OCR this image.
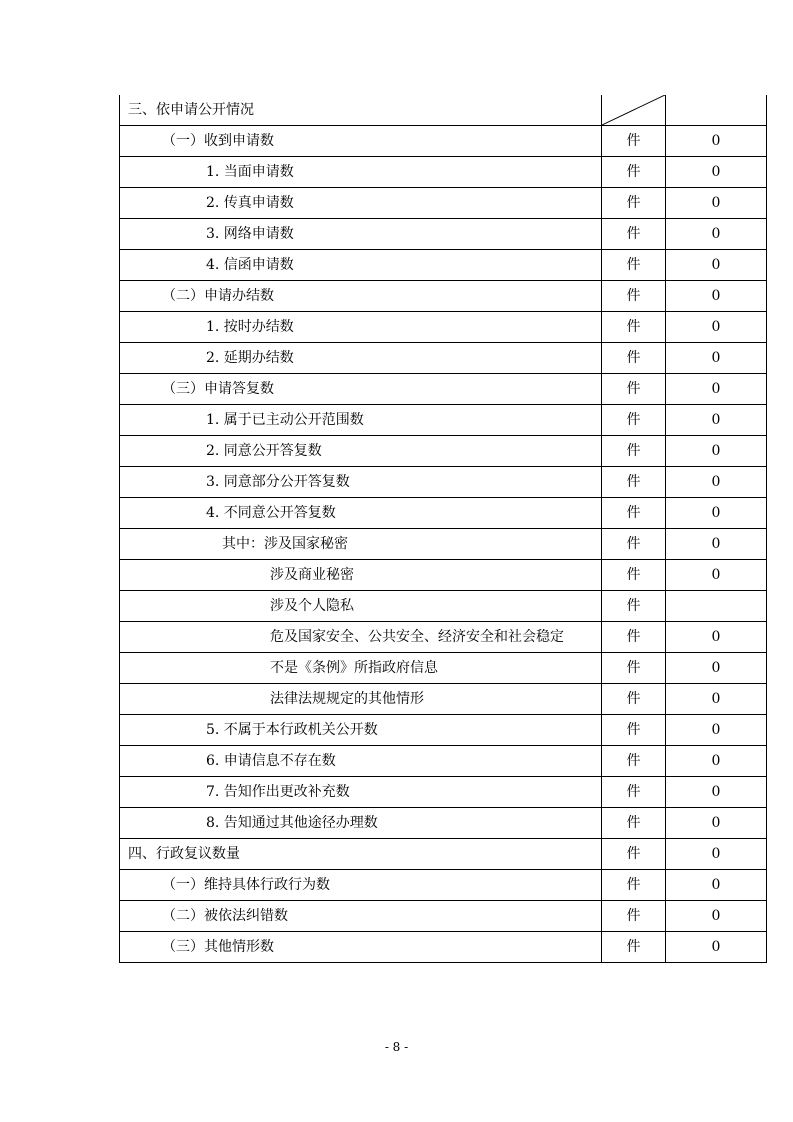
三、依申请公开情况	

（一）收到申请数	件	0
1. 当面申请数	件	0
2. 传真申请数	件	0
3. 网络申请数	件	0
4. 信函申请数	件	0
（二）申请办结数	件	0
1. 按时办结数	件	0
2. 延期办结数	件	0
（三）申请答复数	件	0
1. 属于已主动公开范围数	件	0
2. 同意公开答复数	件	0
3. 同意部分公开答复数	件	0
4. 不同意公开答复数	件	0
其中：涉及国家秘密	件	0
涉及商业秘密	件	0
涉及个人隐私	件	
危及国家安全、公共安全、经济安全和社会稳定	件	0
不是《条例》所指政府信息	件	0
法律法规规定的其他情形	件	0
5. 不属于本行政机关公开数	件	0
6. 申请信息不存在数	件	0
7. 告知作出更改补充数	件	0
8. 告知通过其他途径办理数	件	0
四、行政复议数量	件	0
（一）维持具体行政行为数	件	0
（二）被依法纠错数	件	0
（三）其他情形数	件	0
- 8 -
